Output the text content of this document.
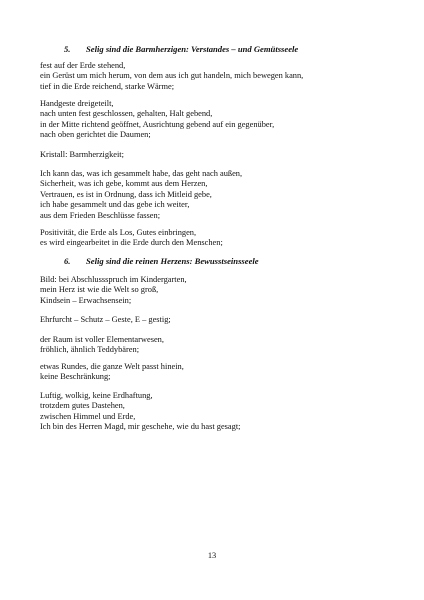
5. Selig sind die Barmherzigen: Verstandes – und Gemütsseele
fest auf der Erde stehend,
ein Gerüst um mich herum, von dem aus ich gut handeln, mich bewegen kann,
tief in die Erde reichend, starke Wärme;
Handgeste dreigeteilt,
nach unten fest geschlossen, gehalten, Halt gebend,
in der Mitte richtend geöffnet, Ausrichtung gebend auf ein gegenüber,
nach oben gerichtet die Daumen;
Kristall: Barmherzigkeit;
Ich kann das, was ich gesammelt habe, das geht nach außen,
Sicherheit, was ich gebe, kommt aus dem Herzen,
Vertrauen, es ist in Ordnung, dass ich Mitleid gebe,
ich habe gesammelt und das gebe ich weiter,
aus dem Frieden Beschlüsse fassen;
Positivität, die Erde als Los, Gutes einbringen,
es wird eingearbeitet in die Erde durch den Menschen;
6. Selig sind die reinen Herzens: Bewusstseinsseele
Bild: bei Abschlussspruch im Kindergarten,
mein Herz ist wie die Welt so groß,
Kindsein – Erwachsensein;
Ehrfurcht – Schutz – Geste, E – gestig;
der Raum ist voller Elementarwesen,
fröhlich, ähnlich Teddybären;
etwas Rundes, die ganze Welt passt hinein,
keine Beschränkung;
Luftig, wolkig, keine Erdhaftung,
trotzdem gutes Dastehen,
zwischen Himmel und Erde,
Ich bin des Herren Magd, mir geschehe, wie du hast gesagt;
13
